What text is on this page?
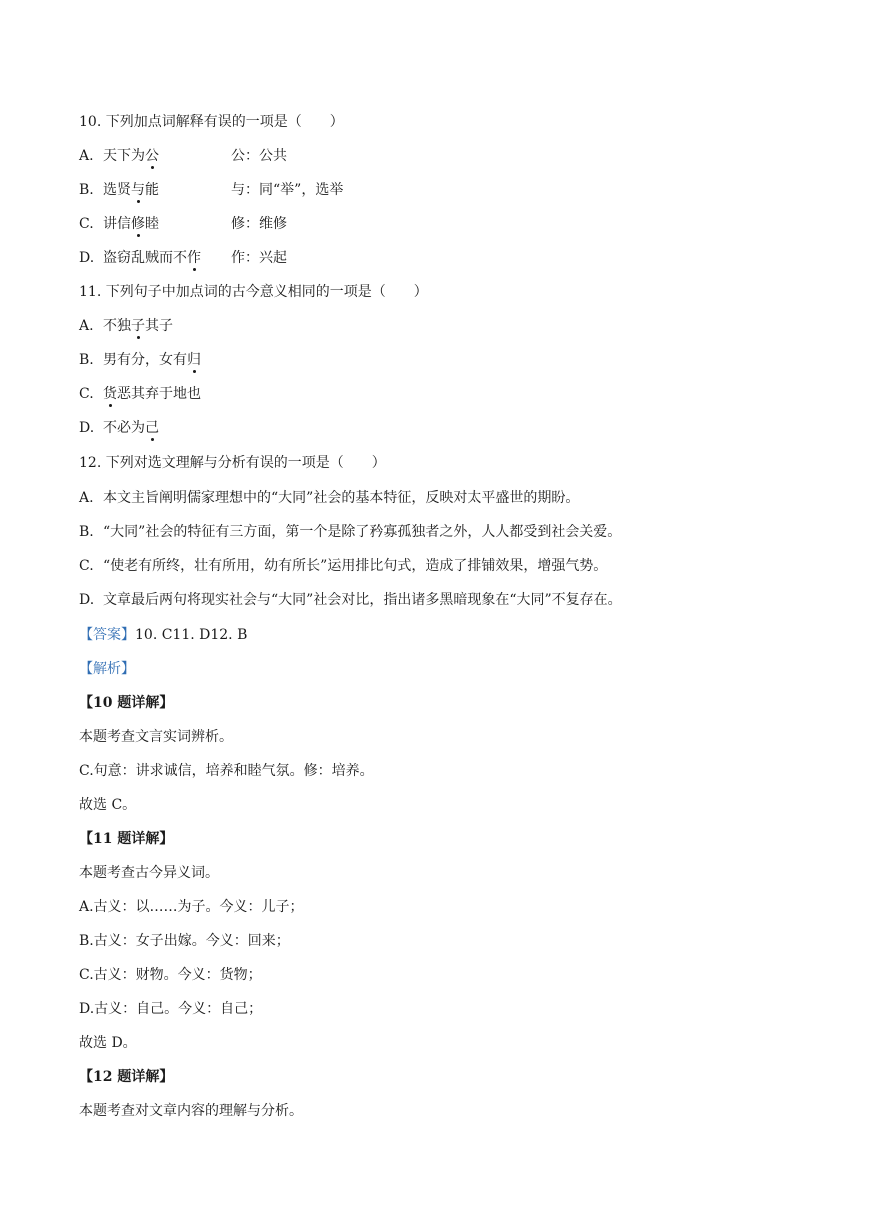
10. 下列加点词解释有误的一项是（　　）
A. 天下为公	公：公共
B. 选贤与能	与：同“举”，选举
C. 讲信修睦	修：维修
D. 盗窃乱贼而不作 作：兴起
11. 下列句子中加点词的古今意义相同的一项是（　　）
A. 不独子其子
B. 男有分，女有归
C. 货恶其弃于地也
D. 不必为己
12. 下列对选文理解与分析有误的一项是（　　）
A. 本文主旨阐明儒家理想中的“大同”社会的基本特征，反映对太平盛世的期盼。
B. “大同”社会的特征有三方面，第一个是除了矜寡孤独者之外，人人都受到社会关爱。
C. “使老有所终，壮有所用，幼有所长”运用排比句式，造成了排铺效果，增强气势。
D. 文章最后两句将现实社会与“大同”社会对比，指出诸多黑暗现象在“大同”不复存在。
【答案】10. C11. D12. B
【解析】
【10 题详解】
本题考查文言实词辨析。
C.句意：讲求诚信，培养和睦气氛。修：培养。
故选 C。
【11 题详解】
本题考查古今异义词。
A.古义：以……为子。今义：儿子；
B.古义：女子出嫁。今义：回来；
C.古义：财物。今义：货物；
D.古义：自己。今义：自己；
故选 D。
【12 题详解】
本题考查对文章内容的理解与分析。
